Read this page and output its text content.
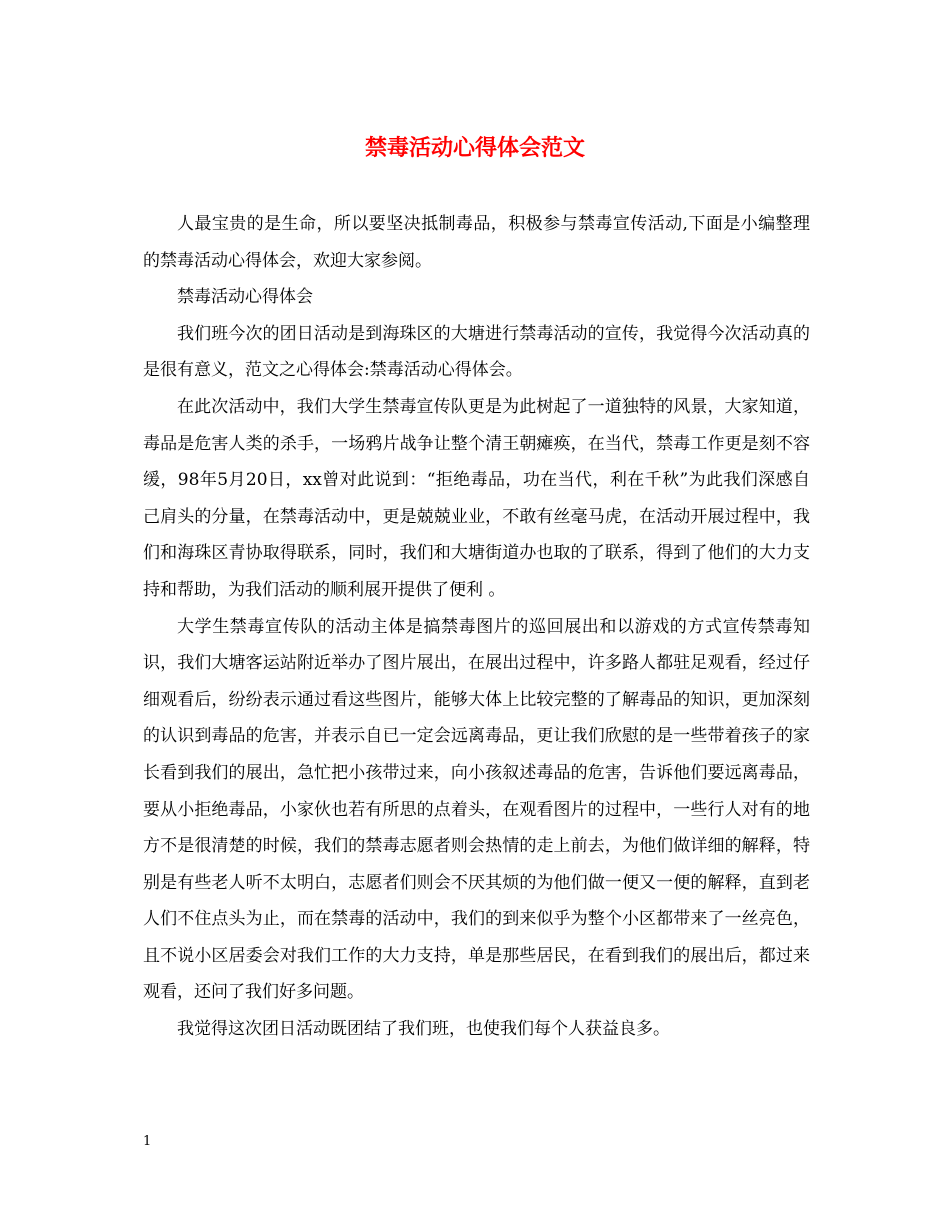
禁毒活动心得体会范文

人最宝贵的是生命，所以要坚决抵制毒品，积极参与禁毒宣传活动,下面是小编整理的禁毒活动心得体会，欢迎大家参阅。

禁毒活动心得体会

我们班今次的团日活动是到海珠区的大塘进行禁毒活动的宣传，我觉得今次活动真的是很有意义，范文之心得体会:禁毒活动心得体会。

在此次活动中，我们大学生禁毒宣传队更是为此树起了一道独特的风景，大家知道，毒品是危害人类的杀手，一场鸦片战争让整个清王朝瘫痪，在当代，禁毒工作更是刻不容缓，98年5月20日，xx曾对此说到：“拒绝毒品，功在当代，利在千秋”为此我们深感自己肩头的分量，在禁毒活动中，更是兢兢业业，不敢有丝毫马虎，在活动开展过程中，我们和海珠区青协取得联系，同时，我们和大塘街道办也取的了联系，得到了他们的大力支持和帮助，为我们活动的顺利展开提供了便利 。

大学生禁毒宣传队的活动主体是搞禁毒图片的巡回展出和以游戏的方式宣传禁毒知识，我们大塘客运站附近举办了图片展出，在展出过程中，许多路人都驻足观看，经过仔细观看后，纷纷表示通过看这些图片，能够大体上比较完整的了解毒品的知识，更加深刻的认识到毒品的危害，并表示自已一定会远离毒品，更让我们欣慰的是一些带着孩子的家长看到我们的展出，急忙把小孩带过来，向小孩叙述毒品的危害，告诉他们要远离毒品，要从小拒绝毒品，小家伙也若有所思的点着头，在观看图片的过程中，一些行人对有的地方不是很清楚的时候，我们的禁毒志愿者则会热情的走上前去，为他们做详细的解释，特别是有些老人听不太明白，志愿者们则会不厌其烦的为他们做一便又一便的解释，直到老人们不住点头为止，而在禁毒的活动中，我们的到来似乎为整个小区都带来了一丝亮色，且不说小区居委会对我们工作的大力支持，单是那些居民，在看到我们的展出后，都过来观看，还问了我们好多问题。

我觉得这次团日活动既团结了我们班，也使我们每个人获益良多。

1
